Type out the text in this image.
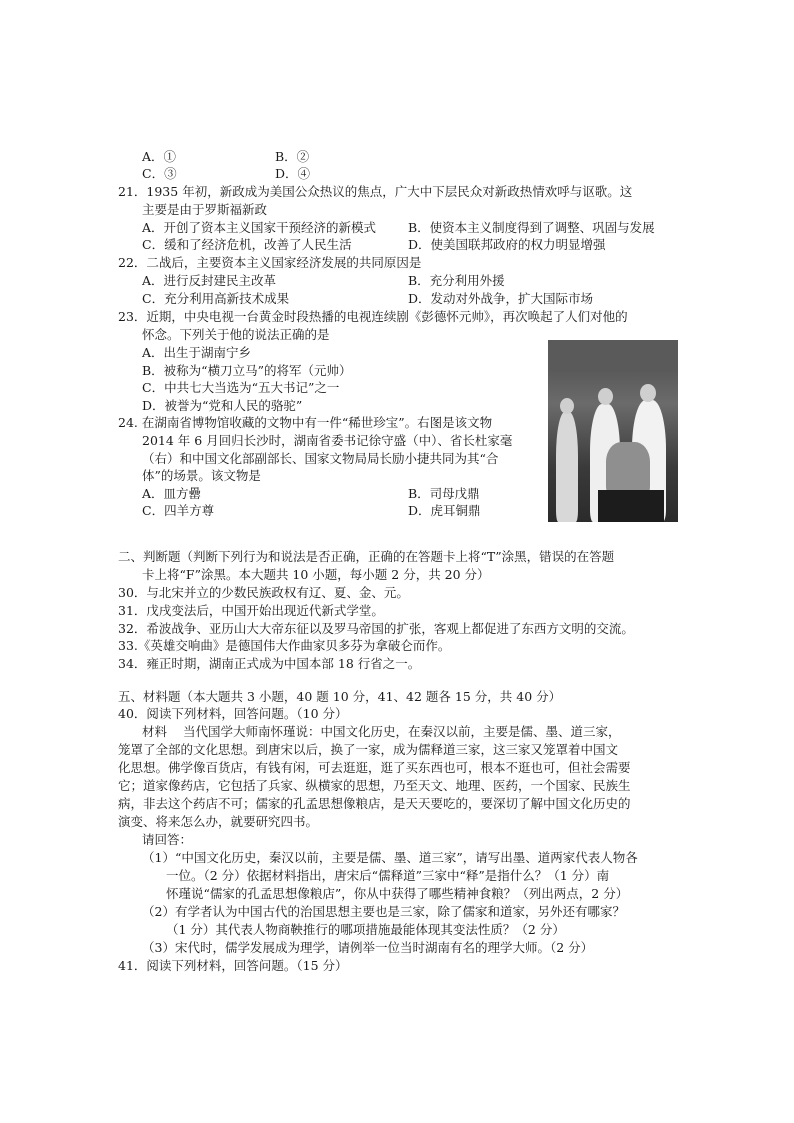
A．①	B．②
C．③	D．④
21．1935 年初，新政成为美国公众热议的焦点，广大中下层民众对新政热情欢呼与讴歌。这
主要是由于罗斯福新政
A．开创了资本主义国家干预经济的新模式	B．使资本主义制度得到了调整、巩固与发展
C．缓和了经济危机，改善了人民生活	D．使美国联邦政府的权力明显增强
22．二战后，主要资本主义国家经济发展的共同原因是
A．进行反封建民主改革	B．充分利用外援
C．充分利用高新技术成果	D．发动对外战争，扩大国际市场
23．近期，中央电视一台黄金时段热播的电视连续剧《彭德怀元帅》，再次唤起了人们对他的
怀念。下列关于他的说法正确的是
A．出生于湖南宁乡
B．被称为“横刀立马”的将军（元帅）
C．中共七大当选为“五大书记”之一
D．被誉为“党和人民的骆驼”
24. 在湖南省博物馆收藏的文物中有一件“稀世珍宝”。右图是该文物
2014 年 6 月回归长沙时，湖南省委书记徐守盛（中）、省长杜家毫
（右）和中国文化部副部长、国家文物局局长励小捷共同为其“合
体”的场景。该文物是
A．皿方罍	B．司母戊鼎
C．四羊方尊	D．虎耳铜鼎
二、判断题（判断下列行为和说法是否正确，正确的在答题卡上将“T”涂黑，错误的在答题
卡上将“F”涂黑。本大题共 10 小题，每小题 2 分，共 20 分）
30．与北宋并立的少数民族政权有辽、夏、金、元。
31．戊戌变法后，中国开始出现近代新式学堂。
32．希波战争、亚历山大大帝东征以及罗马帝国的扩张，客观上都促进了东西方文明的交流。
33.《英雄交响曲》是德国伟大作曲家贝多芬为拿破仑而作。
34．雍正时期，湖南正式成为中国本部 18 行省之一。
五、材料题（本大题共 3 小题，40 题 10 分，41、42 题各 15 分，共 40 分）
40．阅读下列材料，回答问题。（10 分）
材料 当代国学大师南怀瑾说：中国文化历史，在秦汉以前，主要是儒、墨、道三家，
笼罩了全部的文化思想。到唐宋以后，换了一家，成为儒释道三家，这三家又笼罩着中国文
化思想。佛学像百货店，有钱有闲，可去逛逛，逛了买东西也可，根本不逛也可，但社会需要
它；道家像药店，它包括了兵家、纵横家的思想，乃至天文、地理、医药，一个国家、民族生
病，非去这个药店不可；儒家的孔孟思想像粮店，是天天要吃的，要深切了解中国文化历史的
演变、将来怎么办，就要研究四书。
请回答：
（1）“中国文化历史，秦汉以前，主要是儒、墨、道三家”，请写出墨、道两家代表人物各
一位。（2 分）依据材料指出，唐宋后“儒释道”三家中“释”是指什么？（1 分）南
怀瑾说“儒家的孔孟思想像粮店”，你从中获得了哪些精神食粮？（列出两点，2 分）
（2）有学者认为中国古代的治国思想主要也是三家，除了儒家和道家，另外还有哪家？
（1 分）其代表人物商鞅推行的哪项措施最能体现其变法性质？（2 分）
（3）宋代时，儒学发展成为理学，请例举一位当时湖南有名的理学大师。（2 分）
41．阅读下列材料，回答问题。（15 分）
